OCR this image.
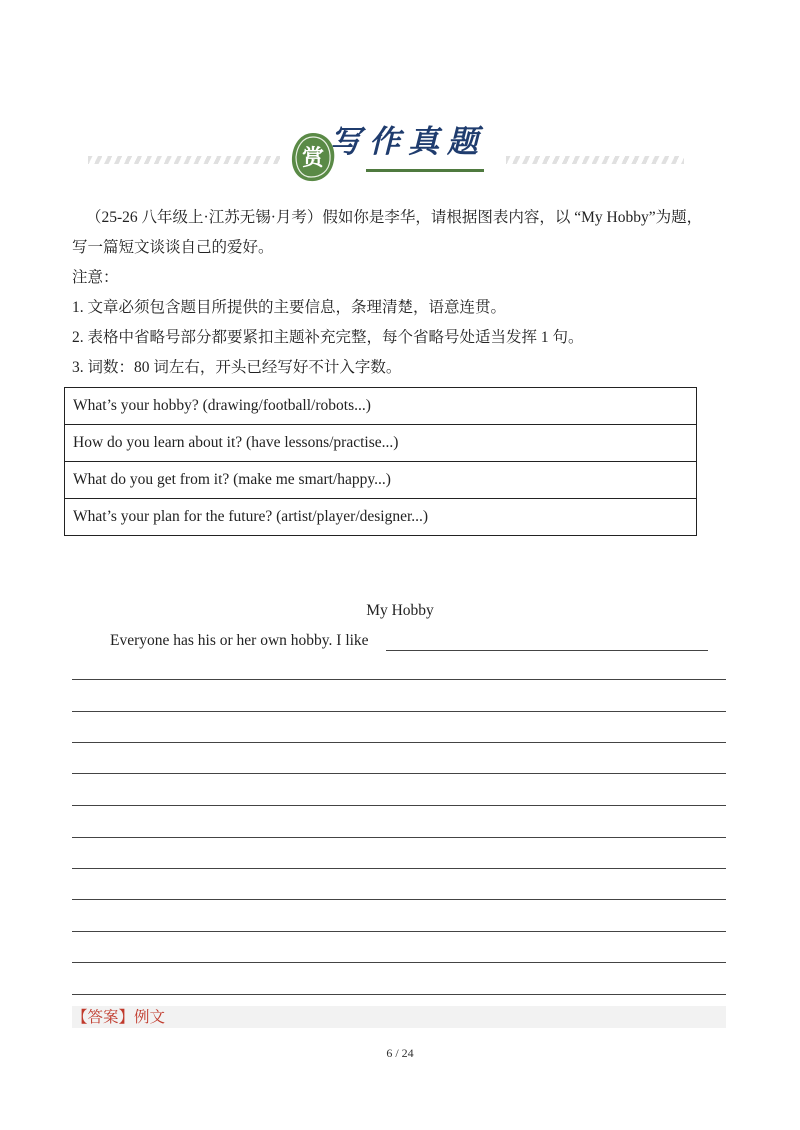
赏 写作真题
（25-26 八年级上·江苏无锡·月考）假如你是李华，请根据图表内容，以 “My Hobby”为题，
写一篇短文谈谈自己的爱好。
注意：
1. 文章必须包含题目所提供的主要信息，条理清楚，语意连贯。
2. 表格中省略号部分都要紧扣主题补充完整，每个省略号处适当发挥 1 句。
3. 词数：80 词左右，开头已经写好不计入字数。
What’s your hobby? (drawing/football/robots...)
How do you learn about it? (have lessons/practise...)
What do you get from it? (make me smart/happy...)
What’s your plan for the future? (artist/player/designer...)
My Hobby
Everyone has his or her own hobby. I like
【答案】例文
6 / 24
